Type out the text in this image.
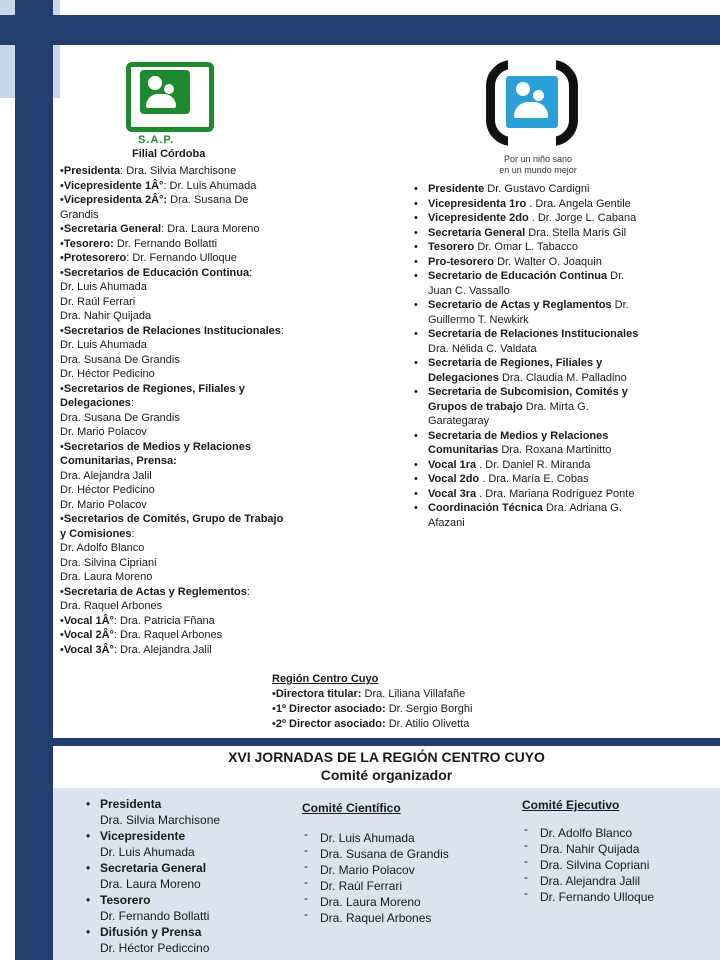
S.A.P.
Filial Córdoba	Por un niño sano
en un mundo mejor
•Presidenta: Dra. Silvia Marchisone
•Vicepresidente 1Â°: Dr. Luis Ahumada
•Vicepresidenta 2Â°: Dra. Susana De Grandis
•Secretaria General: Dra. Laura Moreno
•Tesorero: Dr. Fernando Bollatti
•Protesorero: Dr. Fernando Ulloque
•Secretarios de Educación Continua:
Dr. Luis Ahumada
Dr. Raúl Ferrari
Dra. Nahir Quijada
•Secretarios de Relaciones Institucionales: Dr. Luis Ahumada
Dra. Susana De Grandis
Dr. Héctor Pedicino
•Secretarios de Regiones, Filiales y Delegaciones:
Dra. Susana De Grandis
Dr. Mario Polacov
•Secretarios de Medios y Relaciones Comunitarias, Prensa:
Dra. Alejandra Jalil
Dr. Héctor Pedicino
Dr. Mario Polacov
•Secretarios de Comités, Grupo de Trabajo y Comisiones:
Dr. Adolfo Blanco
Dra. Silvina Cipriani
Dra. Laura Moreno
•Secretaria de Actas y Reglementos:
Dra. Raquel Arbones
•Vocal 1Â°: Dra. Patricia Fñana
•Vocal 2Â°: Dra. Raquel Arbones
•Vocal 3Â°: Dra. Alejandra Jalil
• Presidente Dr. Gustavo Cardigni
• Vicepresidenta 1ro . Dra. Angela Gentile
• Vicepresidente 2do . Dr. Jorge L. Cabana
• Secretaria General Dra. Stella Maris Gil
• Tesorero Dr. Omar L. Tabacco
• Pro-tesorero Dr. Walter O. Joaquin
• Secretario de Educación Continua Dr. Juan C. Vassallo
• Secretario de Actas y Reglamentos Dr. Guillermo T. Newkirk
• Secretaria de Relaciones Institucionales Dra. Nélida C. Valdata
• Secretaria de Regiones, Filiales y Delegaciones Dra. Claudia M. Palladino
• Secretaria de Subcomision, Comités y Grupos de trabajo Dra. Mirta G. Garategaray
• Secretaria de Medios y Relaciones Comunitarias Dra. Roxana Martinitto
• Vocal 1ra . Dr. Daniel R. Miranda
• Vocal 2do . Dra. María E. Cobas
• Vocal 3ra . Dra. Mariana Rodríguez Ponte
• Coordinación Técnica Dra. Adriana G. Afazani
Región Centro Cuyo
•Directora titular: Dra. Liliana Villafañe
•1º Director asociado: Dr. Sergio Borghi
•2º Director asociado: Dr. Atilio Olivetta
XVI JORNADAS DE LA REGIÓN CENTRO CUYO
Comité organizador
• Presidenta
Dra. Silvia Marchisone
• Vicepresidente
Dr. Luis Ahumada
• Secretaria General
Dra. Laura Moreno
• Tesorero
Dr. Fernando Bollatti
• Difusión y Prensa
Dr. Héctor Pediccino
Comité Científico
‐ Dr. Luis Ahumada
‐ Dra. Susana de Grandis
‐ Dr. Mario Polacov
‐ Dr. Raúl Ferrari
‐ Dra. Laura Moreno
‐ Dra. Raquel Arbones
Comité Ejecutivo
‐ Dr. Adolfo Blanco
‐ Dra. Nahir Quijada
‐ Dra. Silvina Copriani
‐ Dra. Alejandra Jalil
‐ Dr. Fernando Ulloque
